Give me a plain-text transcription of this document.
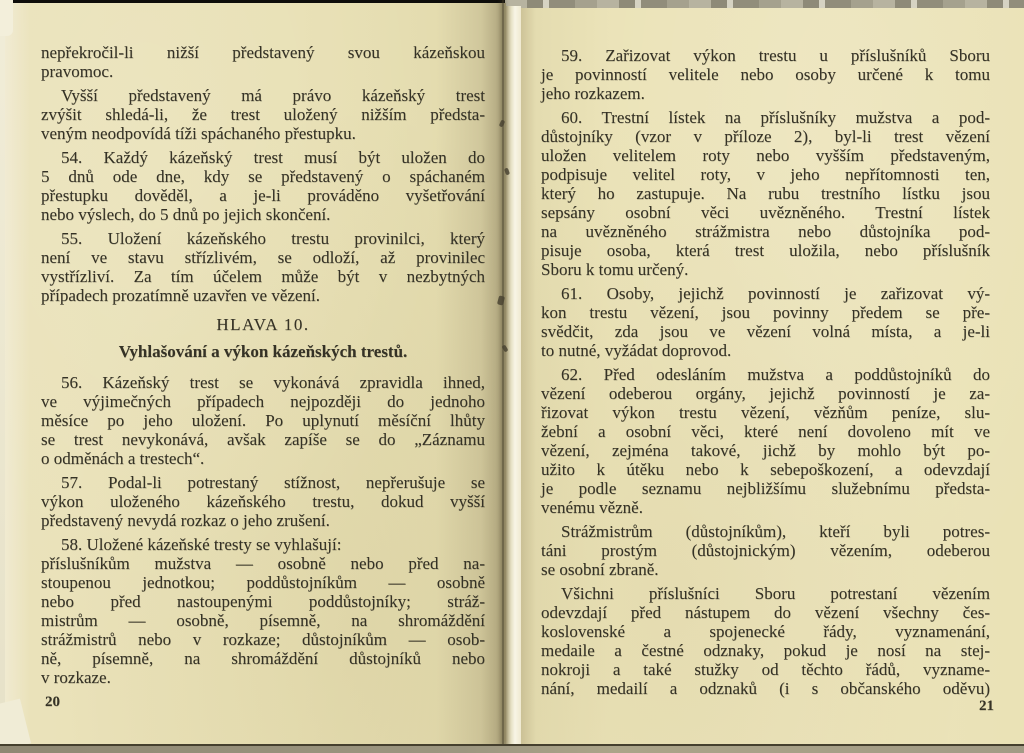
nepřekročil-li nižší představený svou kázeňskou
pravomoc.
Vyšší představený má právo kázeňský trest
zvýšit shledá-li, že trest uložený nižším předsta-
veným neodpovídá tíži spáchaného přestupku.
54. Každý kázeňský trest musí být uložen do
5 dnů ode dne, kdy se představený o spáchaném
přestupku dověděl, a je-li prováděno vyšetřování
nebo výslech, do 5 dnů po jejich skončení.
55. Uložení kázeňského trestu provinilci, který
není ve stavu střízlivém, se odloží, až provinilec
vystřízliví. Za tím účelem může být v nezbytných
případech prozatímně uzavřen ve vězení.
HLAVA 10.
Vyhlašování a výkon kázeňských trestů.
56. Kázeňský trest se vykonává zpravidla ihned,
ve výjimečných případech nejpozději do jednoho
měsíce po jeho uložení. Po uplynutí měsíční lhůty
se trest nevykonává, avšak zapíše se do „Záznamu
o odměnách a trestech“.
57. Podal-li potrestaný stížnost, nepřerušuje se
výkon uloženého kázeňského trestu, dokud vyšší
představený nevydá rozkaz o jeho zrušení.
58. Uložené kázeňské tresty se vyhlašují:
příslušníkům mužstva — osobně nebo před na-
stoupenou jednotkou; poddůstojníkům — osobně
nebo před nastoupenými poddůstojníky; stráž-
mistrům — osobně, písemně, na shromáždění
strážmistrů nebo v rozkaze; důstojníkům — osob-
ně, písemně, na shromáždění důstojníků nebo
v rozkaze.
20
59. Zařizovat výkon trestu u příslušníků Sboru
je povinností velitele nebo osoby určené k tomu
jeho rozkazem.
60. Trestní lístek na příslušníky mužstva a pod-
důstojníky (vzor v příloze 2), byl-li trest vězení
uložen velitelem roty nebo vyšším představeným,
podpisuje velitel roty, v jeho nepřítomnosti ten,
který ho zastupuje. Na rubu trestního lístku jsou
sepsány osobní věci uvězněného. Trestní lístek
na uvězněného strážmistra nebo důstojníka pod-
pisuje osoba, která trest uložila, nebo příslušník
Sboru k tomu určený.
61. Osoby, jejichž povinností je zařizovat vý-
kon trestu vězení, jsou povinny předem se pře-
svědčit, zda jsou ve vězení volná místa, a je-li
to nutné, vyžádat doprovod.
62. Před odesláním mužstva a poddůstojníků do
vězení odeberou orgány, jejichž povinností je za-
řizovat výkon trestu vězení, vězňům peníze, slu-
žební a osobní věci, které není dovoleno mít ve
vězení, zejména takové, jichž by mohlo být po-
užito k útěku nebo k sebepoškození, a odevzdají
je podle seznamu nejbližšímu služebnímu předsta-
venému vězně.
Strážmistrům (důstojníkům), kteří byli potres-
táni prostým (důstojnickým) vězením, odeberou
se osobní zbraně.
Všichni příslušníci Sboru potrestaní vězením
odevzdají před nástupem do vězení všechny čes-
koslovenské a spojenecké řády, vyznamenání,
medaile a čestné odznaky, pokud je nosí na stej-
nokroji a také stužky od těchto řádů, vyzname-
nání, medailí a odznaků (i s občanského oděvu)
21
